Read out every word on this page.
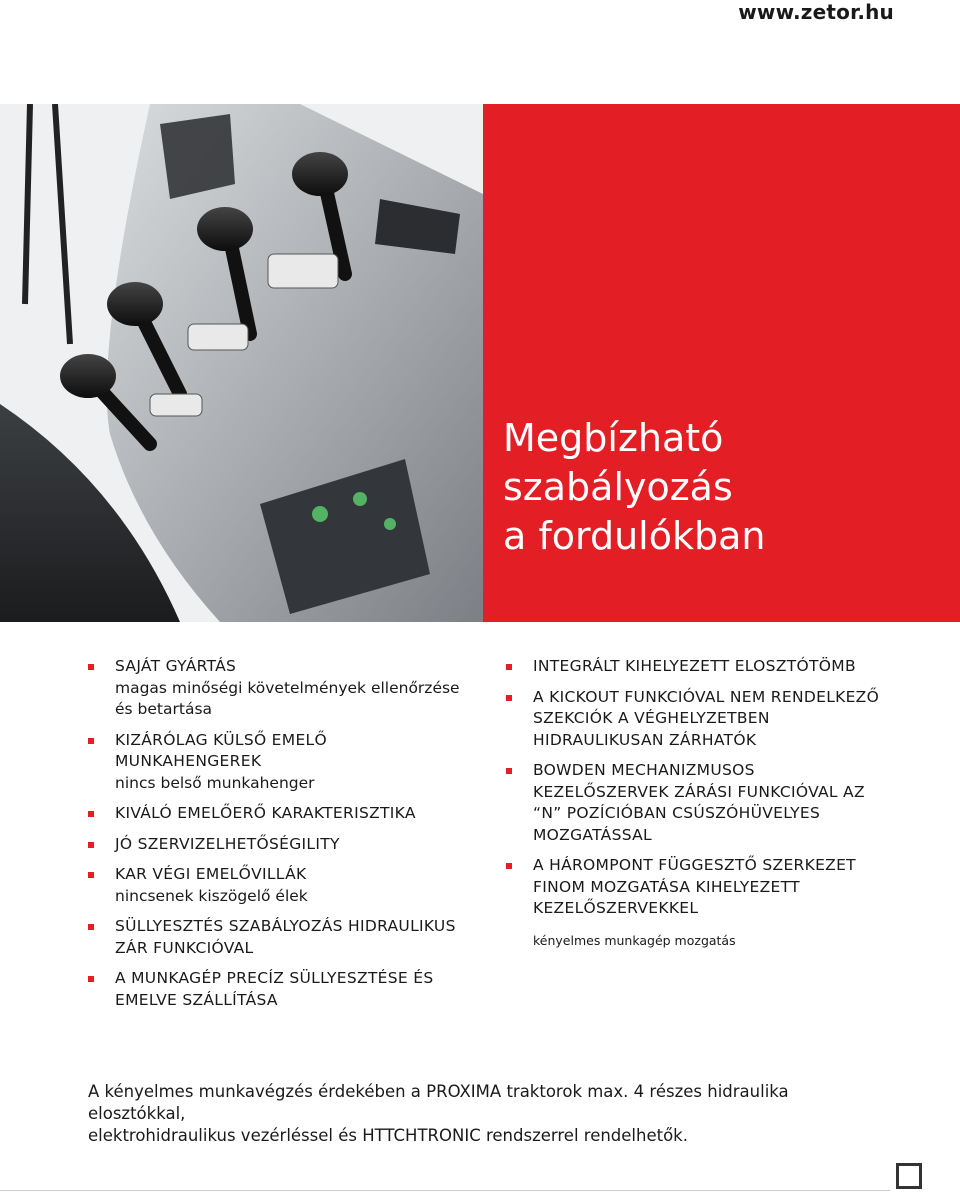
www.zetor.hu
Megbízható
szabályozás
a fordulókban
SAJÁT GYÁRTÁS
magas minőségi követelmények ellenőrzése és betartása
KIZÁRÓLAG KÜLSŐ EMELŐ MUNKAHENGEREK
nincs belső munkahenger
KIVÁLÓ EMELŐERŐ KARAKTERISZTIKA
JÓ SZERVIZELHETŐSÉGILITY
KAR VÉGI EMELŐVILLÁK
nincsenek kiszögelő élek
SÜLLYESZTÉS SZABÁLYOZÁS HIDRAULIKUS ZÁR FUNKCIÓVAL
A MUNKAGÉP PRECÍZ SÜLLYESZTÉSE ÉS EMELVE SZÁLLÍTÁSA
INTEGRÁLT KIHELYEZETT ELOSZTÓTÖMB
A KICKOUT FUNKCIÓVAL NEM RENDELKEZŐ SZEKCIÓK A VÉGHELYZETBEN HIDRAULIKUSAN ZÁRHATÓK
BOWDEN MECHANIZMUSOS KEZELŐSZERVEK ZÁRÁSI FUNKCIÓVAL AZ “N” POZÍCIÓBAN CSÚSZÓHÜVELYES MOZGATÁSSAL
A HÁROMPONT FÜGGESZTŐ SZERKEZET FINOM MOZGATÁSA KIHELYEZETT KEZELŐSZERVEKKEL
kényelmes munkagép mozgatás

A kényelmes munkavégzés érdekében a PROXIMA traktorok max. 4 részes hidraulika elosztókkal,
elektrohidraulikus vezérléssel és HTTCHTRONIC rendszerrel rendelhetők.
